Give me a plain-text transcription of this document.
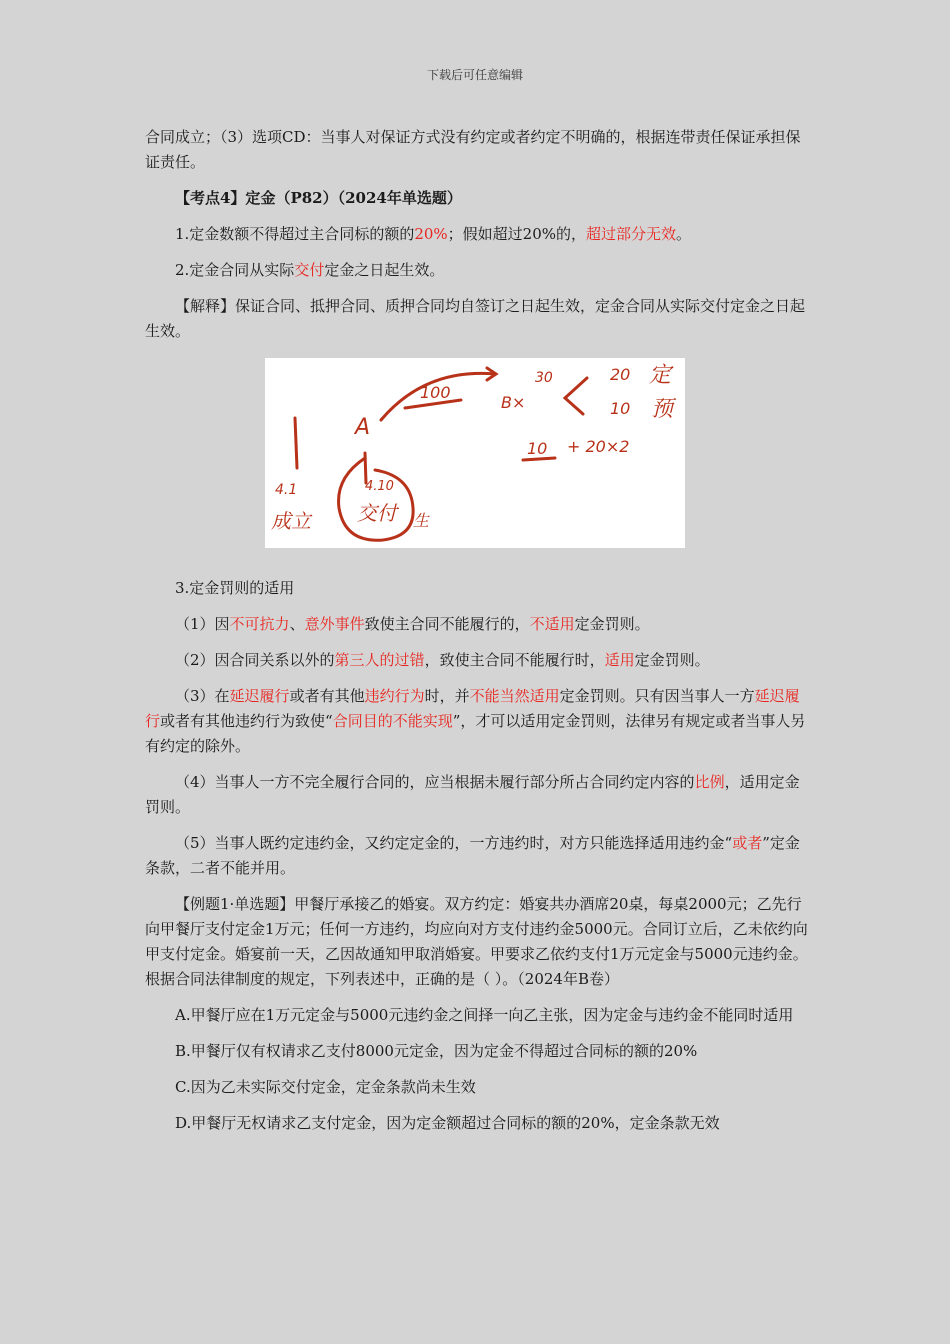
下载后可任意编辑
A
100
B×
30	20
10
定
预
10 + 20×2
4.1	4.10
成立 交付 生

合同成立；（3）选项CD：当事人对保证方式没有约定或者约定不明确的，根据连带责任保证承担保证责任。

【考点4】定金（P82）（2024年单选题）

1.定金数额不得超过主合同标的额的20%；假如超过20%的，超过部分无效。

2.定金合同从实际交付定金之日起生效。

【解释】保证合同、抵押合同、质押合同均自签订之日起生效，定金合同从实际交付定金之日起生效。

3.定金罚则的适用

（1）因不可抗力、意外事件致使主合同不能履行的，不适用定金罚则。

（2）因合同关系以外的第三人的过错，致使主合同不能履行时，适用定金罚则。

（3）在延迟履行或者有其他违约行为时，并不能当然适用定金罚则。只有因当事人一方延迟履行或者有其他违约行为致使“合同目的不能实现”，才可以适用定金罚则，法律另有规定或者当事人另有约定的除外。

（4）当事人一方不完全履行合同的，应当根据未履行部分所占合同约定内容的比例，适用定金罚则。

（5）当事人既约定违约金，又约定定金的，一方违约时，对方只能选择适用违约金“或者”定金条款，二者不能并用。

【例题1·单选题】甲餐厅承接乙的婚宴。双方约定：婚宴共办酒席20桌，每桌2000元；乙先行向甲餐厅支付定金1万元；任何一方违约，均应向对方支付违约金5000元。合同订立后，乙未依约向甲支付定金。婚宴前一天，乙因故通知甲取消婚宴。甲要求乙依约支付1万元定金与5000元违约金。根据合同法律制度的规定，下列表述中，正确的是（ ）。（2024年B卷）

A.甲餐厅应在1万元定金与5000元违约金之间择一向乙主张，因为定金与违约金不能同时适用

B.甲餐厅仅有权请求乙支付8000元定金，因为定金不得超过合同标的额的20%

C.因为乙未实际交付定金，定金条款尚未生效

D.甲餐厅无权请求乙支付定金，因为定金额超过合同标的额的20%，定金条款无效
